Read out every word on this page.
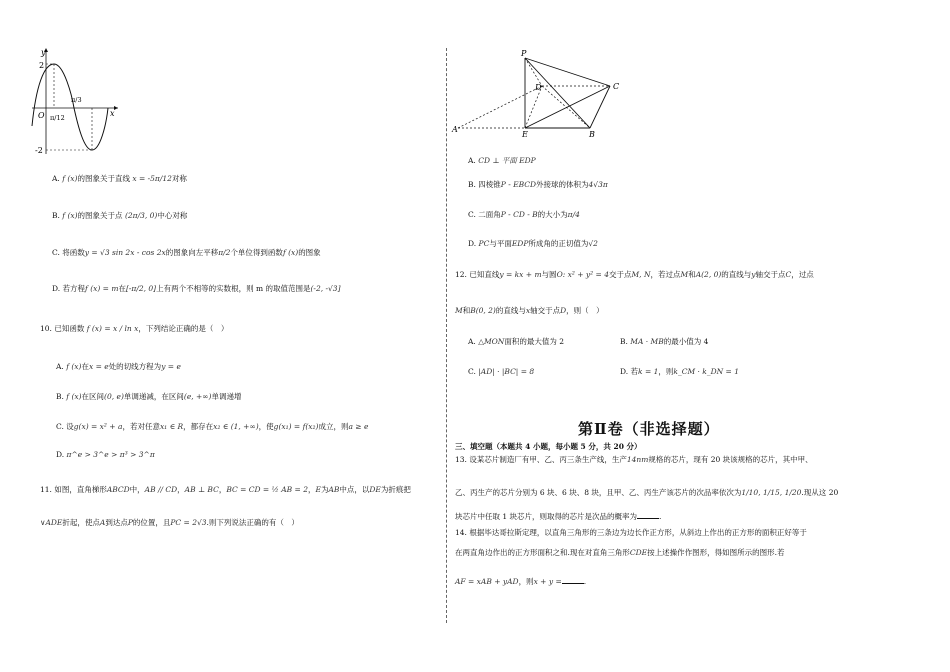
y
x
O
2
-2
π/12
π/3
A. f (x)的图象关于直线 x = -5π/12对称
B. f (x)的图象关于点 (2π/3, 0)中心对称
C. 将函数y = √3 sin 2x - cos 2x的图象向左平移π/2个单位得到函数f (x)的图象
D. 若方程f (x) = m在[-π/2, 0]上有两个不相等的实数根，则 m 的取值范围是(-2, -√3]
10. 已知函数 f (x) = x / ln x，下列结论正确的是（　）
A. f (x)在x = e处的切线方程为y = e
B. f (x)在区间(0, e)单调递减，在区间(e, +∞)单调递增
C. 设g(x) = x² + a，若对任意x₁ ∈ R，都存在x₂ ∈ (1, +∞)，使g(x₁) = f(x₂)成立，则a ≥ e
D. π^e > 3^e > π³ > 3^π
11. 如图，直角梯形ABCD中，AB // CD，AB ⊥ BC，BC = CD = ½ AB = 2，E为AB中点，以DE为折痕把
∨ADE折起，使点A到达点P的位置，且PC = 2√3.则下列说法正确的有（　）
P
D	C
A
E	B
A. CD ⊥ 平面 EDP
B. 四棱锥P - EBCD外接球的体积为4√3π
C. 二面角P - CD - B的大小为π/4
D. PC与平面EDP所成角的正切值为√2
12. 已知直线y = kx + m与圆O: x² + y² = 4交于点M, N，若过点M和A(2, 0)的直线与y轴交于点C，过点
M和B(0, 2)的直线与x轴交于点D，则（　）
A. △MON面积的最大值为 2	B. MA · MB的最小值为 4
C. |AD| · |BC| = 8	D. 若k = 1，则k_CM · k_DN = 1
第Ⅱ卷（非选择题）
三、填空题（本题共 4 小题，每小题 5 分，共 20 分）
13. 设某芯片制造厂有甲、乙、丙三条生产线，生产14nm规格的芯片，现有 20 块该规格的芯片，其中甲、
乙、丙生产的芯片分别为 6 块、6 块、8 块，且甲、乙、丙生产该芯片的次品率依次为1/10, 1/15, 1/20.现从这 20
块芯片中任取 1 块芯片，则取得的芯片是次品的概率为	.
14. 根据毕达哥拉斯定理，以直角三角形的三条边为边长作正方形，从斜边上作出的正方形的面积正好等于
在两直角边作出的正方形面积之和.现在对直角三角形CDE按上述操作作图形，得如图所示的图形.若
AF = xAB + yAD，则x + y =	.
